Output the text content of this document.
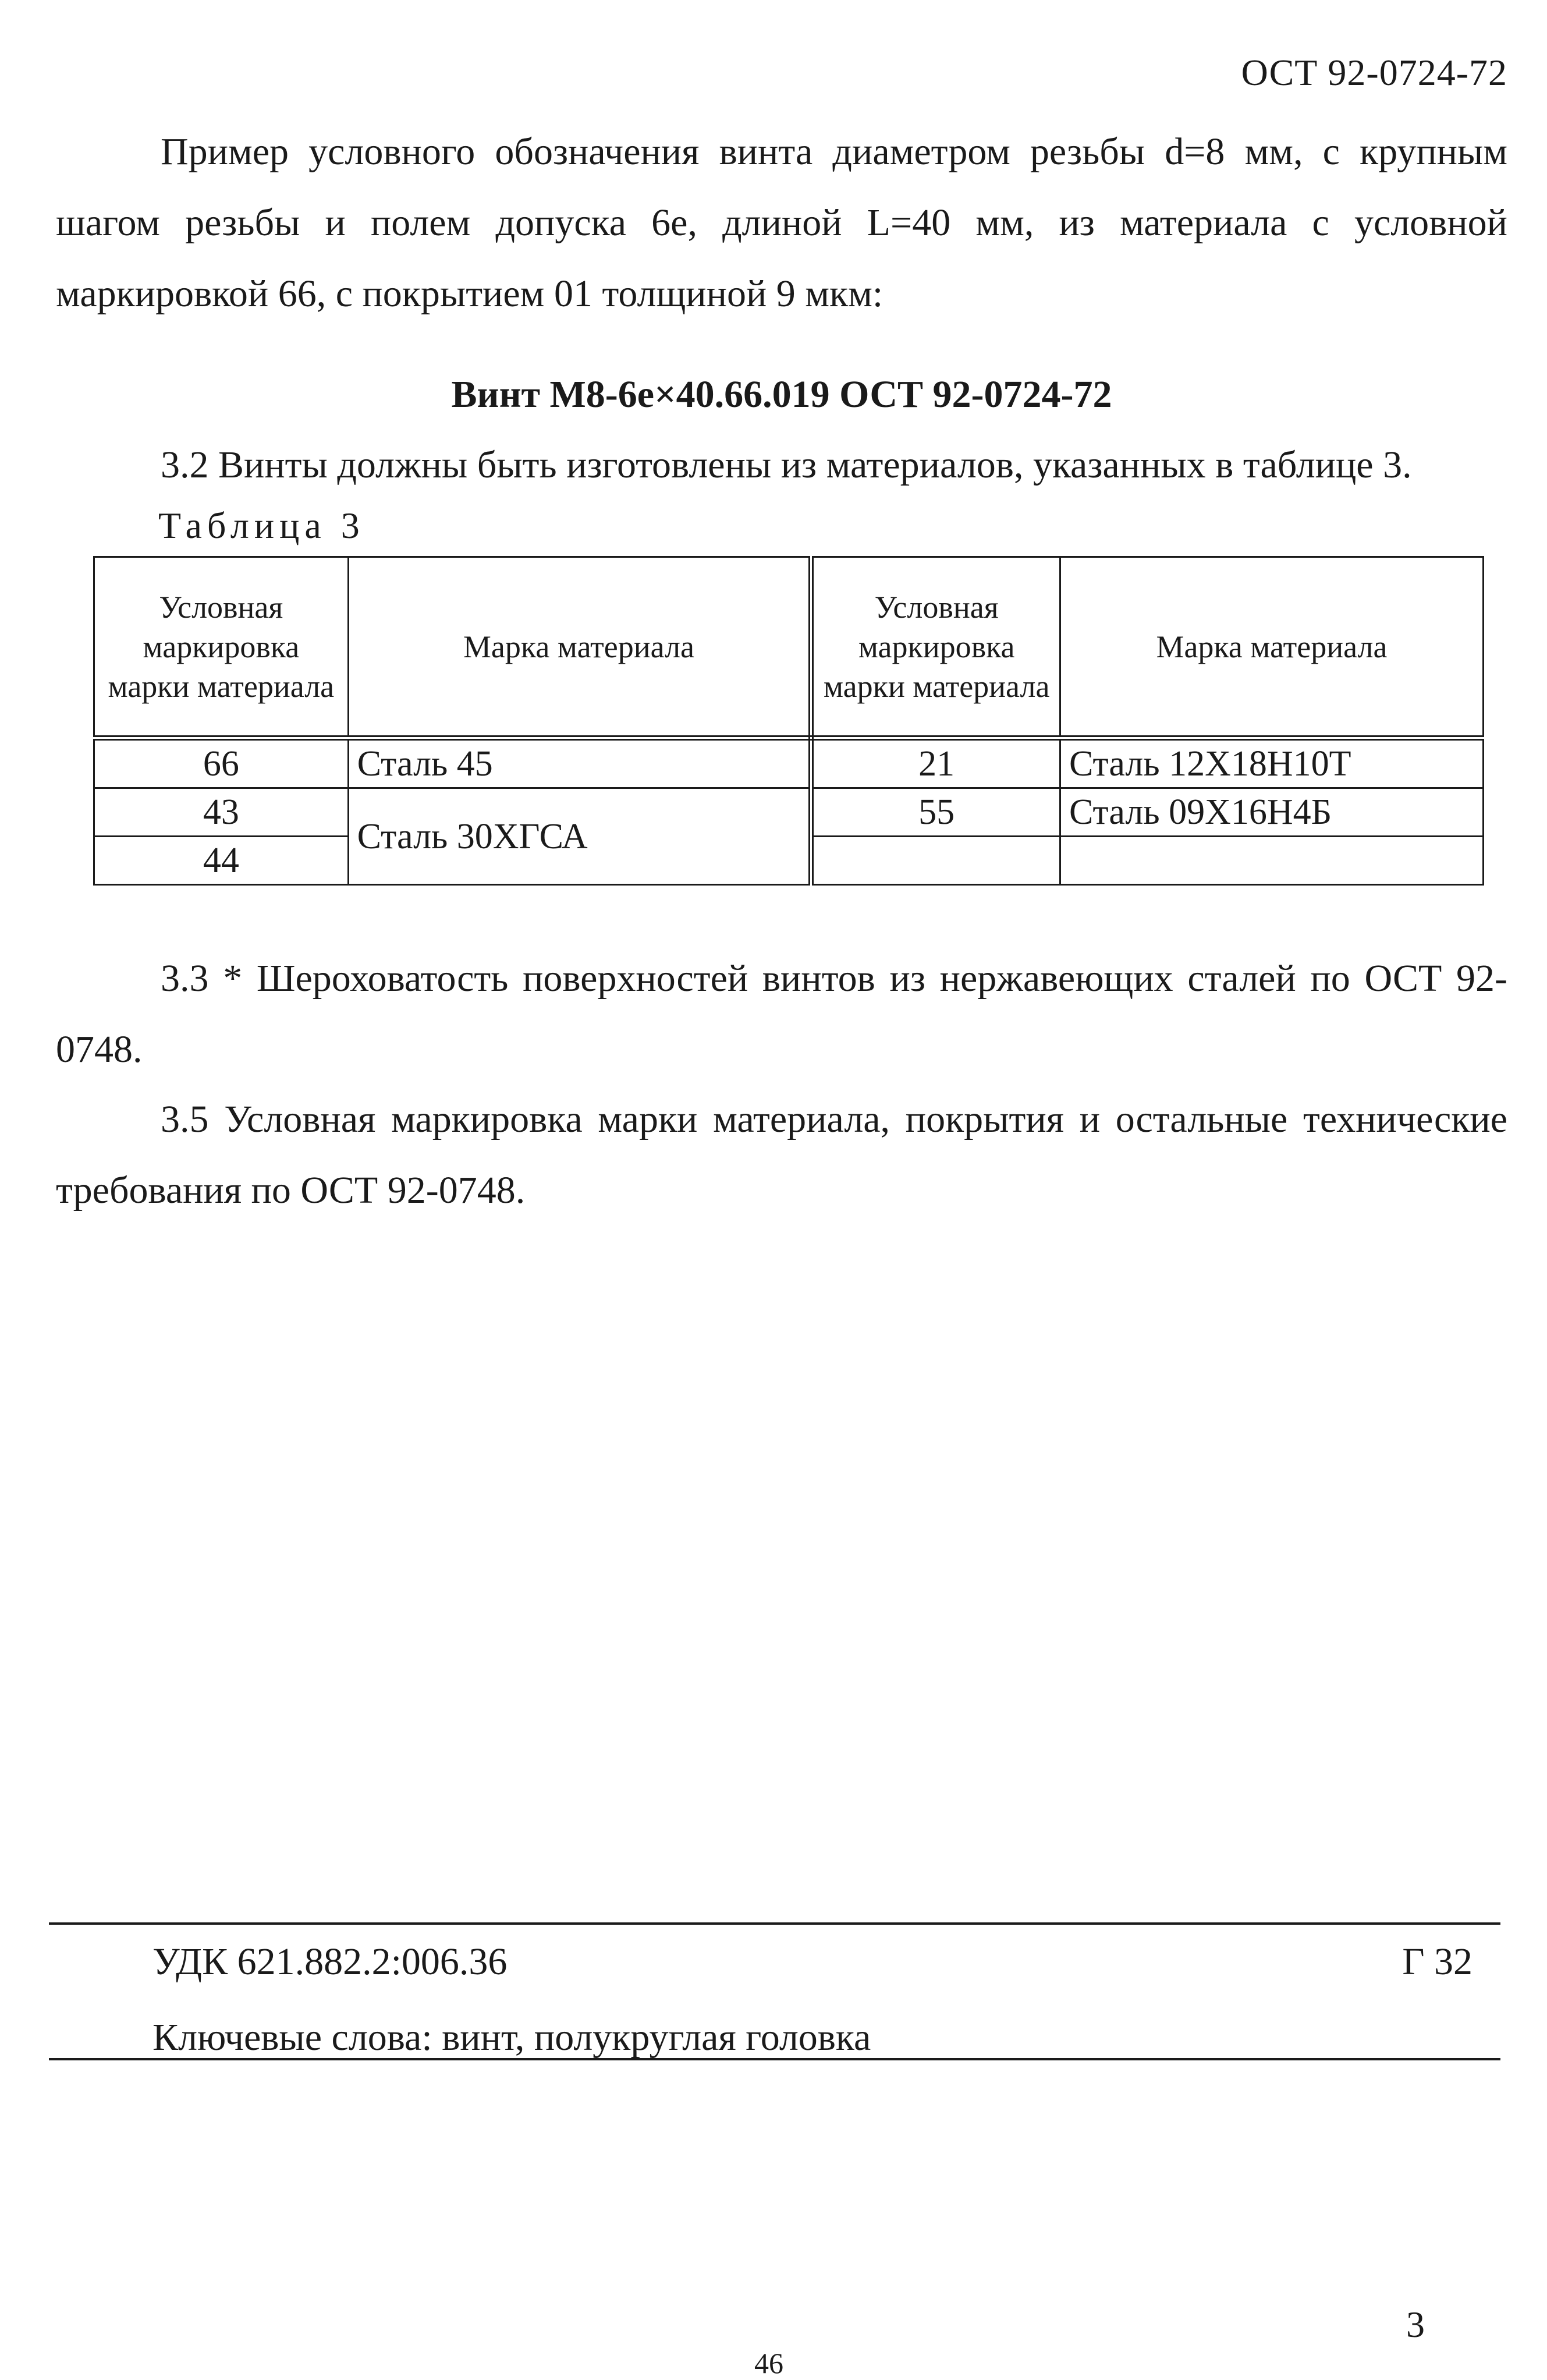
ОСТ 92-0724-72

Пример условного обозначения винта диаметром резьбы d=8 мм, с крупным шагом резьбы и полем допуска 6е, длиной L=40 мм, из материала с условной маркировкой 66, с покрытием 01 толщиной 9 мкм:

Винт М8-6е×40.66.019 ОСТ 92-0724-72

3.2 Винты должны быть изготовлены из материалов, указанных в таблице 3.

Таблица 3
Условная маркировка марки материала	Марка материала	Условная маркировка марки материала	Марка материала
66	Сталь 45	21	Сталь 12Х18Н10Т
43	Сталь 30ХГСА	55	Сталь 09Х16Н4Б
44			

3.3 * Шероховатость поверхностей винтов из нержавеющих сталей по ОСТ 92-0748.

3.5 Условная маркировка марки материала, покрытия и остальные технические требования по ОСТ 92-0748.

УДК 621.882.2:006.36	Г 32
Ключевые слова: винт, полукруглая головка
3
46
